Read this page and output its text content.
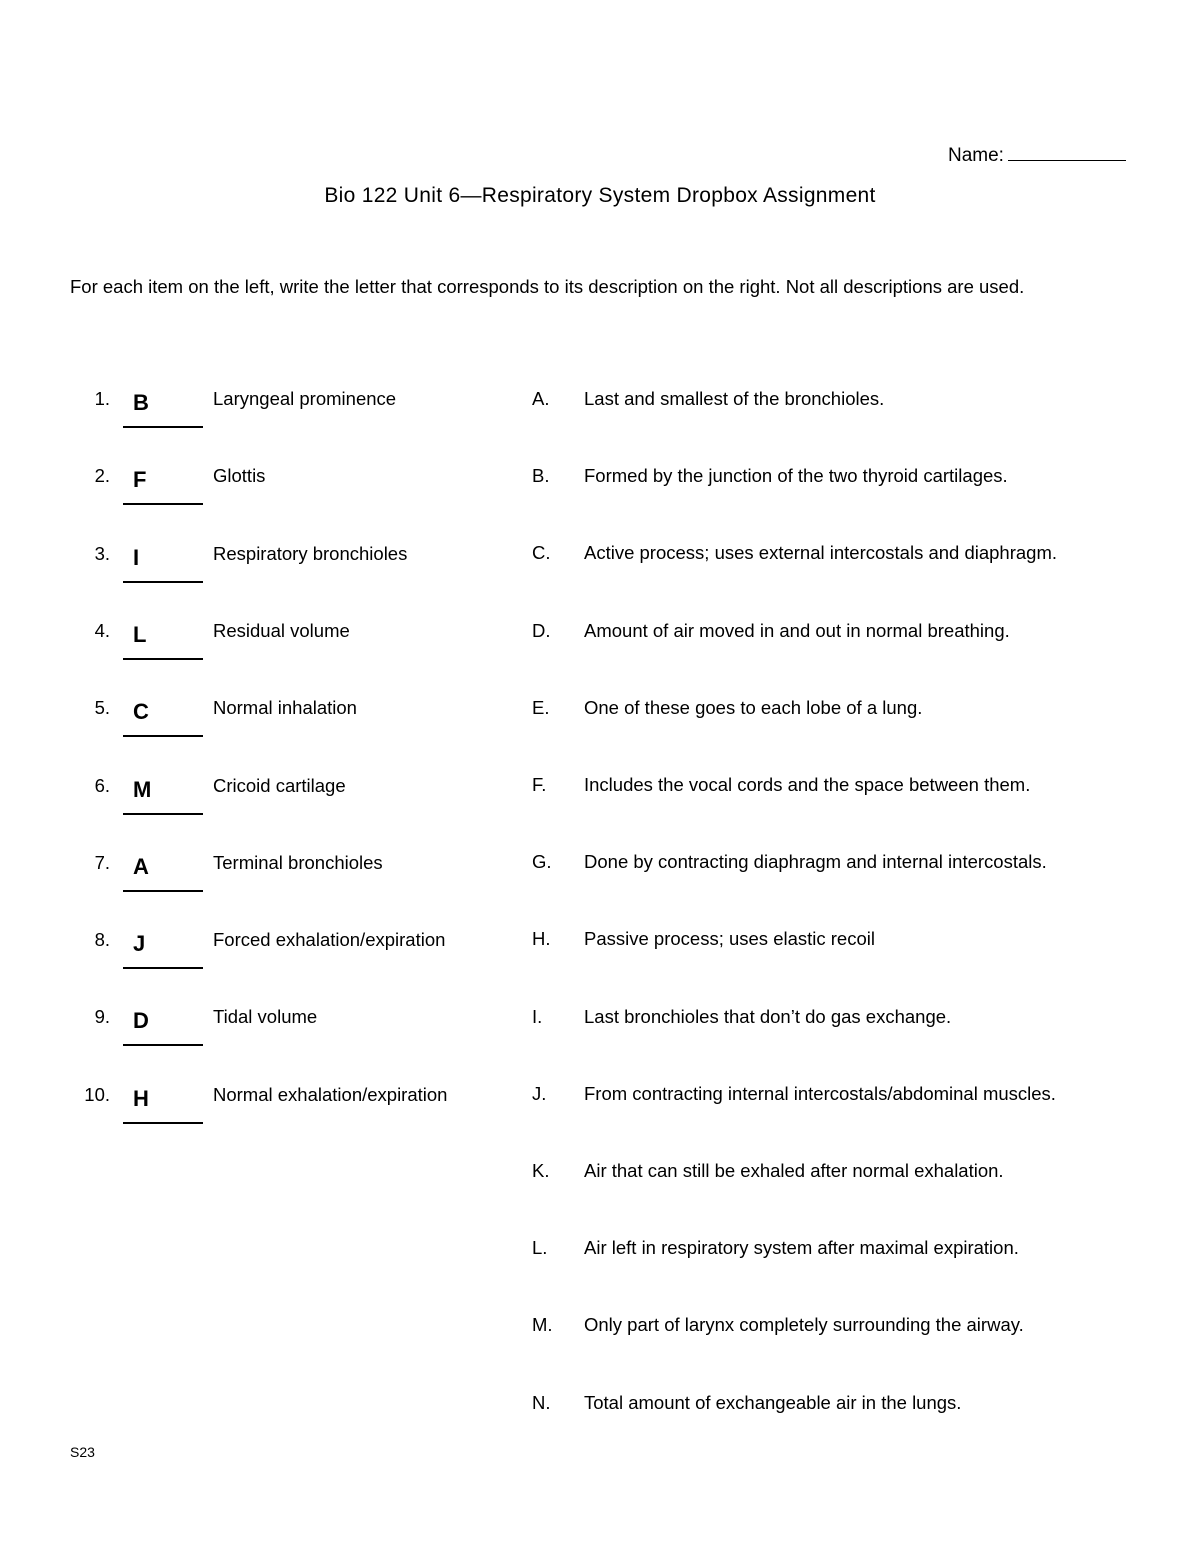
Name:
Bio 122 Unit 6—Respiratory System Dropbox Assignment
For each item on the left, write the letter that corresponds to its description on the right. Not all descriptions are used.
1. B	Laryngeal prominence
2. F	Glottis
3. I	Respiratory bronchioles
4. L	Residual volume
5. C	Normal inhalation
6. M	Cricoid cartilage
7. A	Terminal bronchioles
8. J	Forced exhalation/expiration
9. D	Tidal volume
10. H	Normal exhalation/expiration
A. Last and smallest of the bronchioles.
B. Formed by the junction of the two thyroid cartilages.
C. Active process; uses external intercostals and diaphragm.
D. Amount of air moved in and out in normal breathing.
E. One of these goes to each lobe of a lung.
F. Includes the vocal cords and the space between them.
G. Done by contracting diaphragm and internal intercostals.
H. Passive process; uses elastic recoil
I. Last bronchioles that don’t do gas exchange.
J. From contracting internal intercostals/abdominal muscles.
K. Air that can still be exhaled after normal exhalation.
L. Air left in respiratory system after maximal expiration.
M. Only part of larynx completely surrounding the airway.
N. Total amount of exchangeable air in the lungs.
S23
